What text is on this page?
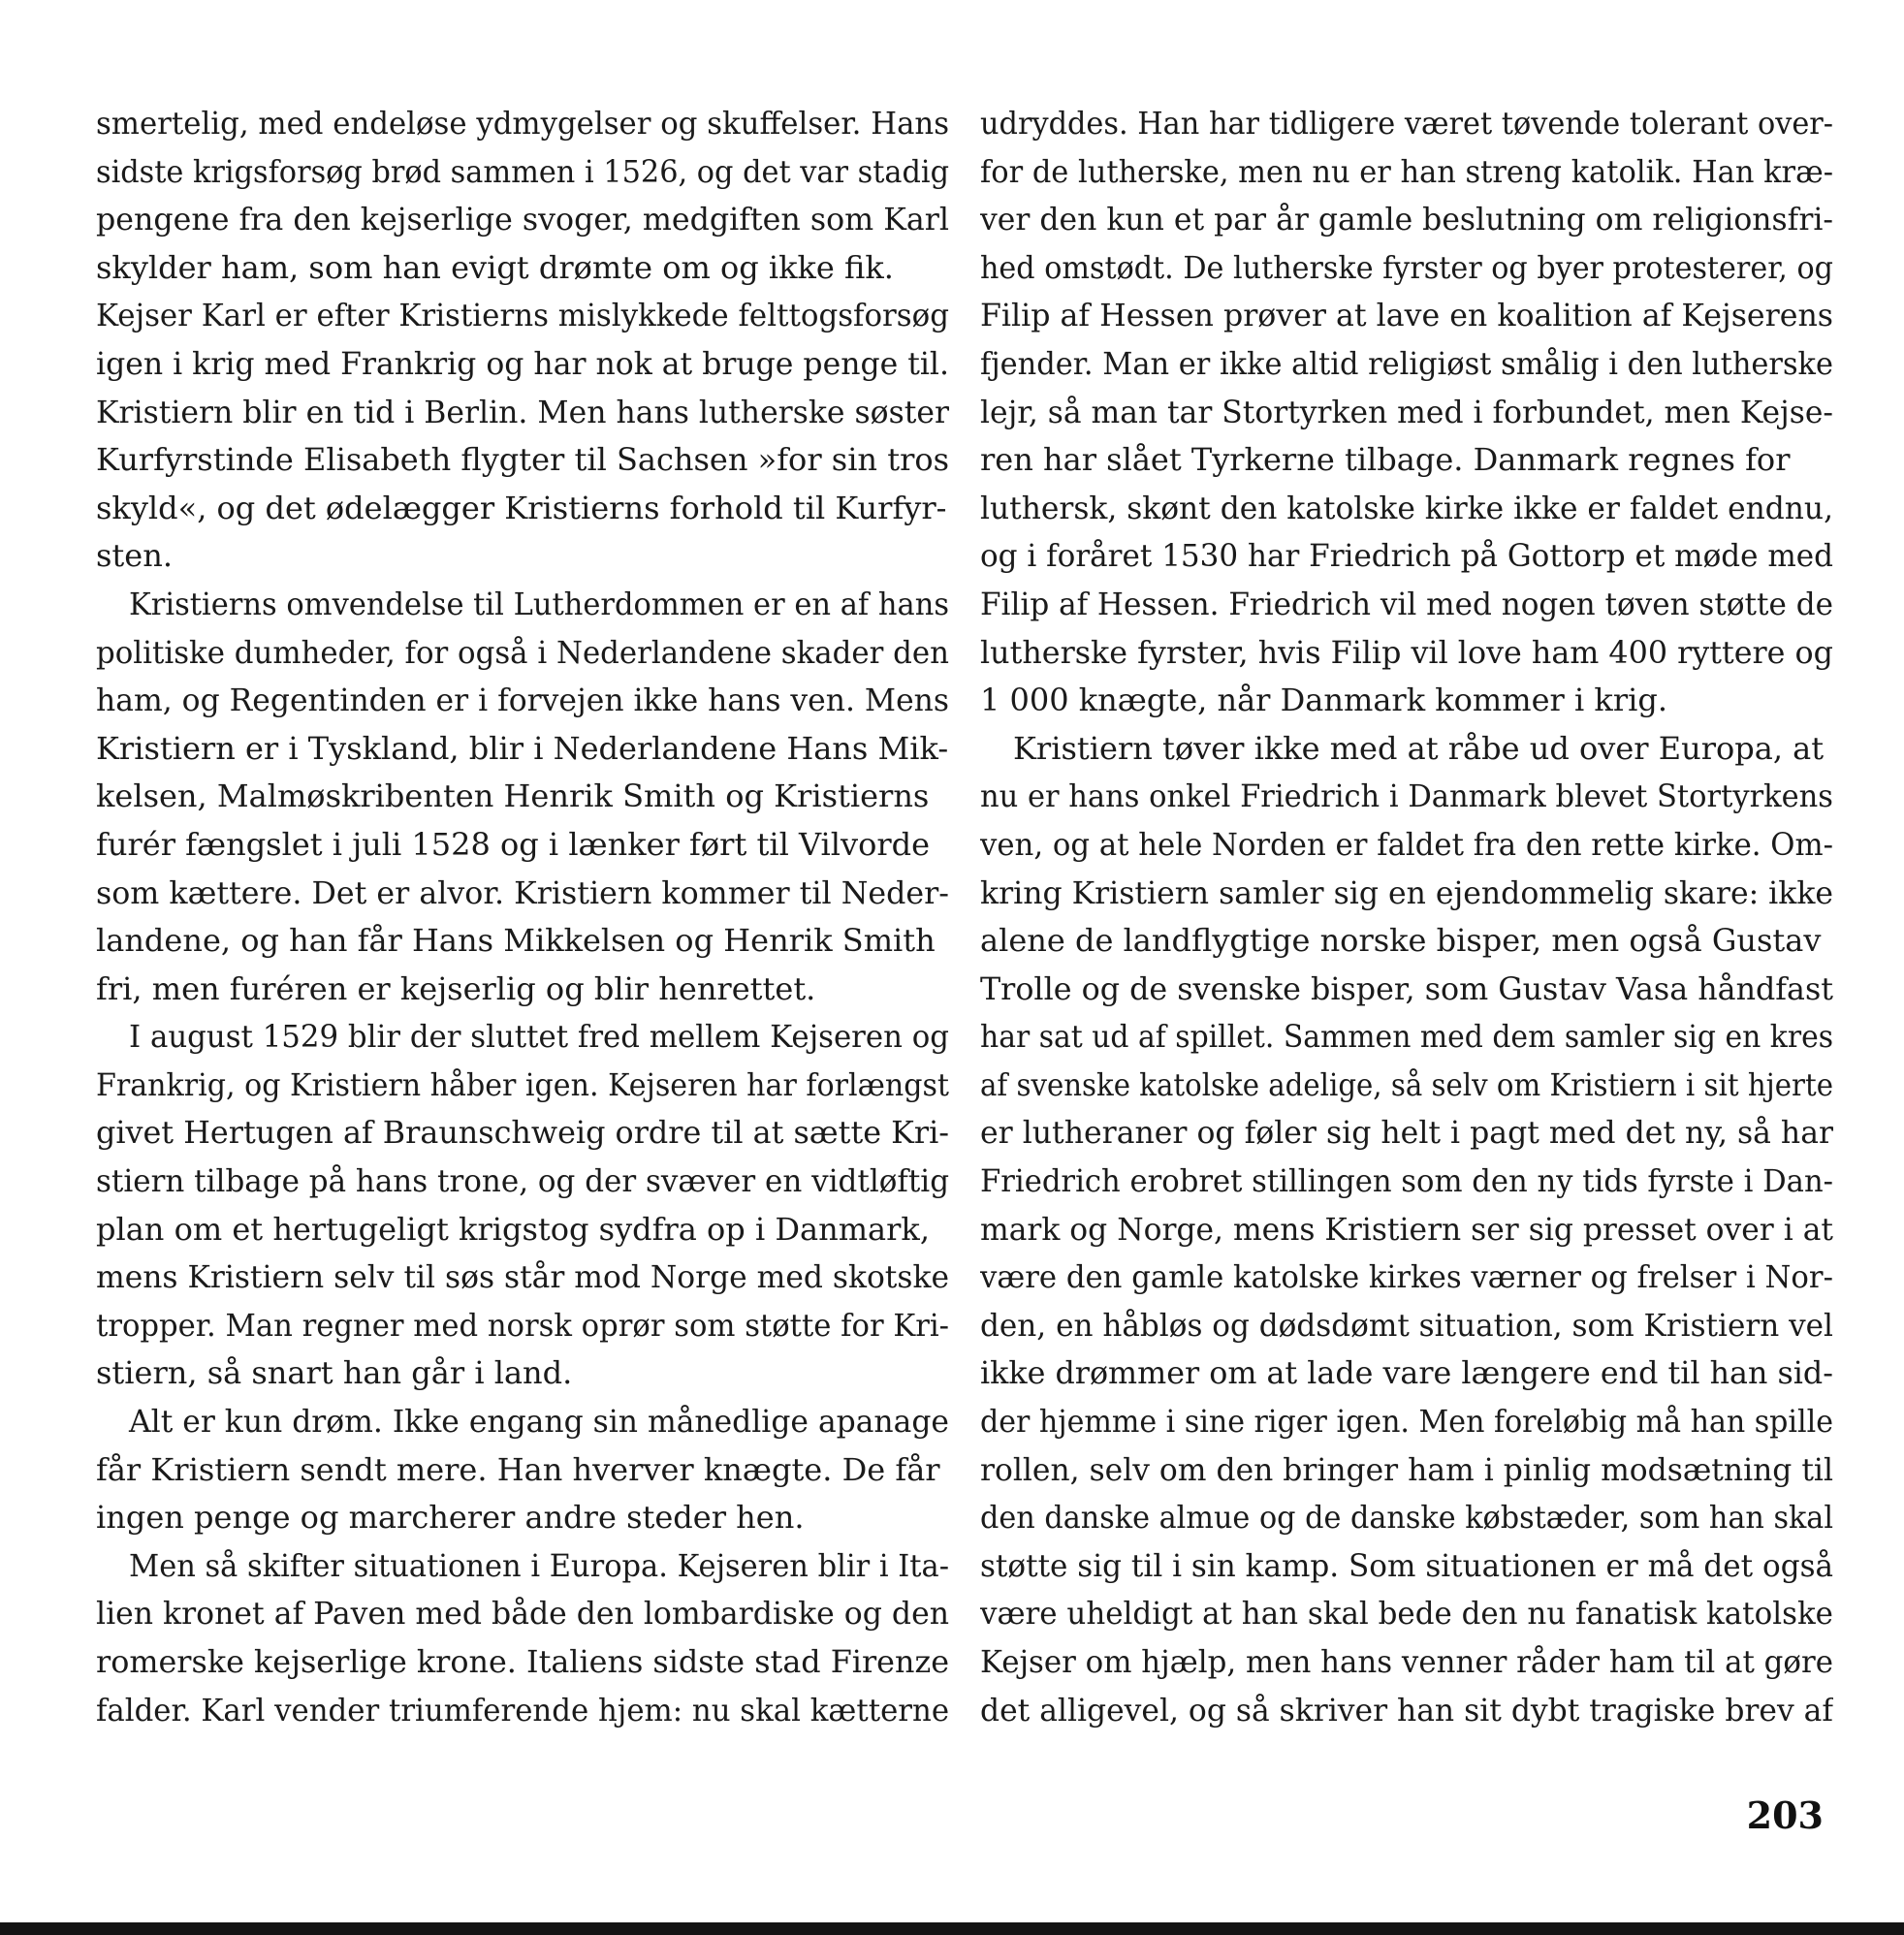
smertelig, med endeløse ydmygelser og skuffelser. Hans
sidste krigsforsøg brød sammen i 1526, og det var stadig
pengene fra den kejserlige svoger, medgiften som Karl
skylder ham, som han evigt drømte om og ikke fik.
Kejser Karl er efter Kristierns mislykkede felttogsforsøg
igen i krig med Frankrig og har nok at bruge penge til.
Kristiern blir en tid i Berlin. Men hans lutherske søster
Kurfyrstinde Elisabeth flygter til Sachsen »for sin tros
skyld«, og det ødelægger Kristierns forhold til Kurfyr-
sten.
Kristierns omvendelse til Lutherdommen er en af hans
politiske dumheder, for også i Nederlandene skader den
ham, og Regentinden er i forvejen ikke hans ven. Mens
Kristiern er i Tyskland, blir i Nederlandene Hans Mik-
kelsen, Malmøskribenten Henrik Smith og Kristierns
furér fængslet i juli 1528 og i lænker ført til Vilvorde
som kættere. Det er alvor. Kristiern kommer til Neder-
landene, og han får Hans Mikkelsen og Henrik Smith
fri, men furéren er kejserlig og blir henrettet.
I august 1529 blir der sluttet fred mellem Kejseren og
Frankrig, og Kristiern håber igen. Kejseren har forlængst
givet Hertugen af Braunschweig ordre til at sætte Kri-
stiern tilbage på hans trone, og der svæver en vidtløftig
plan om et hertugeligt krigstog sydfra op i Danmark,
mens Kristiern selv til søs står mod Norge med skotske
tropper. Man regner med norsk oprør som støtte for Kri-
stiern, så snart han går i land.
Alt er kun drøm. Ikke engang sin månedlige apanage
får Kristiern sendt mere. Han hverver knægte. De får
ingen penge og marcherer andre steder hen.
Men så skifter situationen i Europa. Kejseren blir i Ita-
lien kronet af Paven med både den lombardiske og den
romerske kejserlige krone. Italiens sidste stad Firenze
falder. Karl vender triumferende hjem: nu skal kætterne
udryddes. Han har tidligere været tøvende tolerant over-
for de lutherske, men nu er han streng katolik. Han kræ-
ver den kun et par år gamle beslutning om religionsfri-
hed omstødt. De lutherske fyrster og byer protesterer, og
Filip af Hessen prøver at lave en koalition af Kejserens
fjender. Man er ikke altid religiøst smålig i den lutherske
lejr, så man tar Stortyrken med i forbundet, men Kejse-
ren har slået Tyrkerne tilbage. Danmark regnes for
luthersk, skønt den katolske kirke ikke er faldet endnu,
og i foråret 1530 har Friedrich på Gottorp et møde med
Filip af Hessen. Friedrich vil med nogen tøven støtte de
lutherske fyrster, hvis Filip vil love ham 400 ryttere og
1 000 knægte, når Danmark kommer i krig.
Kristiern tøver ikke med at råbe ud over Europa, at
nu er hans onkel Friedrich i Danmark blevet Stortyrkens
ven, og at hele Norden er faldet fra den rette kirke. Om-
kring Kristiern samler sig en ejendommelig skare: ikke
alene de landflygtige norske bisper, men også Gustav
Trolle og de svenske bisper, som Gustav Vasa håndfast
har sat ud af spillet. Sammen med dem samler sig en kres
af svenske katolske adelige, så selv om Kristiern i sit hjerte
er lutheraner og føler sig helt i pagt med det ny, så har
Friedrich erobret stillingen som den ny tids fyrste i Dan-
mark og Norge, mens Kristiern ser sig presset over i at
være den gamle katolske kirkes værner og frelser i Nor-
den, en håbløs og dødsdømt situation, som Kristiern vel
ikke drømmer om at lade vare længere end til han sid-
der hjemme i sine riger igen. Men foreløbig må han spille
rollen, selv om den bringer ham i pinlig modsætning til
den danske almue og de danske købstæder, som han skal
støtte sig til i sin kamp. Som situationen er må det også
være uheldigt at han skal bede den nu fanatisk katolske
Kejser om hjælp, men hans venner råder ham til at gøre
det alligevel, og så skriver han sit dybt tragiske brev af
203
